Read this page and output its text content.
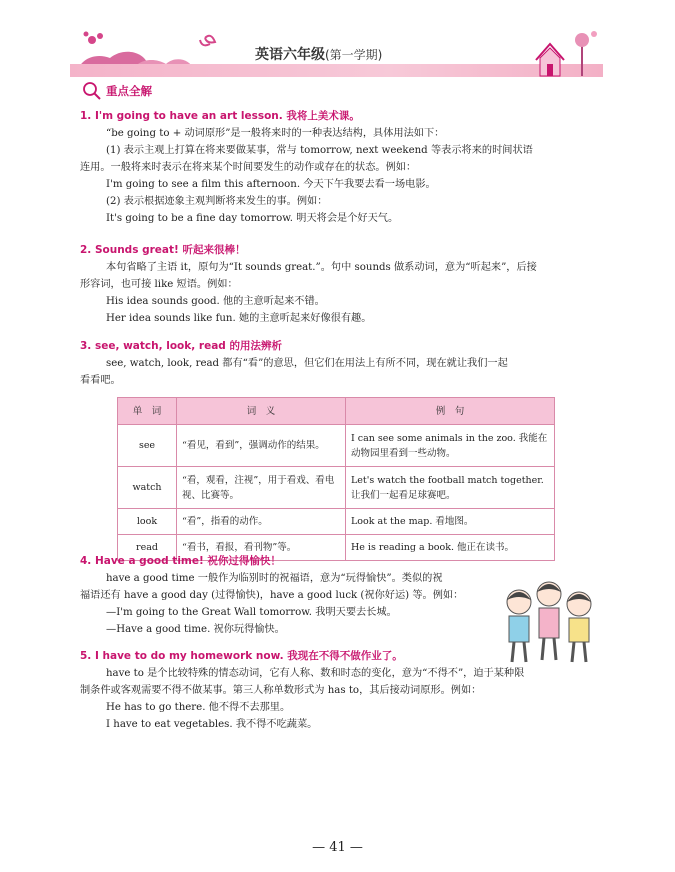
英语六年级(第一学期)
重点全解
1. I'm going to have an art lesson. 我将上美术课。
“be going to + 动词原形”是一般将来时的一种表达结构，具体用法如下：
(1) 表示主观上打算在将来要做某事，常与 tomorrow, next weekend 等表示将来的时间状语
连用。一般将来时表示在将来某个时间要发生的动作或存在的状态。例如：
I'm going to see a film this afternoon. 今天下午我要去看一场电影。
(2) 表示根据迹象主观判断将来发生的事。例如：
It's going to be a fine day tomorrow. 明天将会是个好天气。
2. Sounds great! 听起来很棒！
本句省略了主语 it，原句为“It sounds great.”。句中 sounds 做系动词，意为“听起来”，后接
形容词，也可接 like 短语。例如：
His idea sounds good. 他的主意听起来不错。
Her idea sounds like fun. 她的主意听起来好像很有趣。
3. see, watch, look, read 的用法辨析
see, watch, look, read 都有“看”的意思，但它们在用法上有所不同，现在就让我们一起
看看吧。
单　词	词　义	例　句
see	“看见，看到”，强调动作的结果。	I can see some animals in the zoo. 我能在动物园里看到一些动物。
watch	“看，观看，注视”，用于看戏、看电视、比赛等。	Let's watch the football match together. 让我们一起看足球赛吧。
look	“看”，指看的动作。	Look at the map. 看地图。
read	“看书，看报，看刊物”等。	He is reading a book. 他正在读书。
4. Have a good time! 祝你过得愉快！
have a good time 一般作为临别时的祝福语，意为“玩得愉快”。类似的祝
福语还有 have a good day (过得愉快)，have a good luck (祝你好运) 等。例如：
—I'm going to the Great Wall tomorrow. 我明天要去长城。
—Have a good time. 祝你玩得愉快。
5. I have to do my homework now. 我现在不得不做作业了。
have to 是个比较特殊的情态动词，它有人称、数和时态的变化，意为“不得不”，迫于某种限
制条件或客观需要不得不做某事。第三人称单数形式为 has to，其后接动词原形。例如：
He has to go there. 他不得不去那里。
I have to eat vegetables. 我不得不吃蔬菜。
— 41 —
